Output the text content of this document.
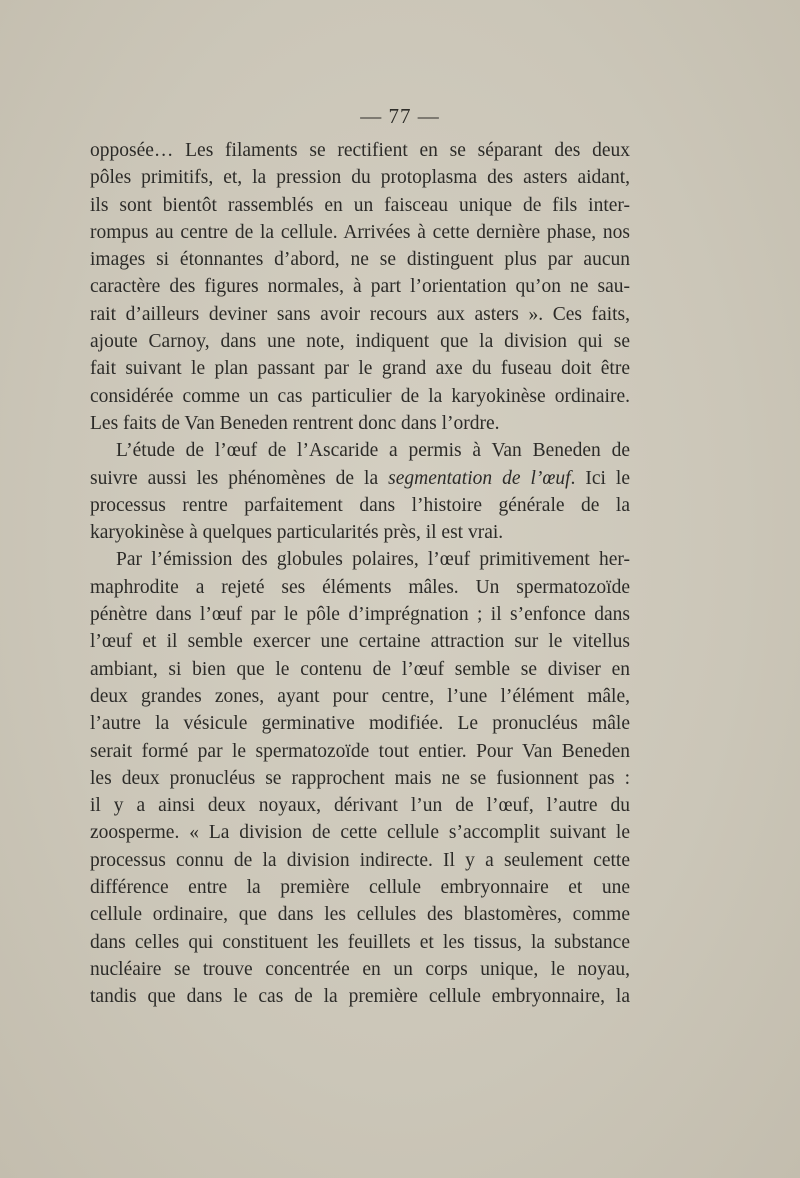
— 77 —
opposée… Les filaments se rectifient en se séparant des deux
pôles primitifs, et, la pression du protoplasma des asters aidant,
ils sont bientôt rassemblés en un faisceau unique de fils inter-
rompus au centre de la cellule. Arrivées à cette dernière phase, nos
images si étonnantes d’abord, ne se distinguent plus par aucun
caractère des figures normales, à part l’orientation qu’on ne sau-
rait d’ailleurs deviner sans avoir recours aux asters ». Ces faits,
ajoute Carnoy, dans une note, indiquent que la division qui se
fait suivant le plan passant par le grand axe du fuseau doit être
considérée comme un cas particulier de la karyokinèse ordinaire.
Les faits de Van Beneden rentrent donc dans l’ordre.
L’étude de l’œuf de l’Ascaride a permis à Van Beneden de
suivre aussi les phénomènes de la segmentation de l’œuf. Ici le
processus rentre parfaitement dans l’histoire générale de la
karyokinèse à quelques particularités près, il est vrai.
Par l’émission des globules polaires, l’œuf primitivement her-
maphrodite a rejeté ses éléments mâles. Un spermatozoïde
pénètre dans l’œuf par le pôle d’imprégnation ; il s’enfonce dans
l’œuf et il semble exercer une certaine attraction sur le vitellus
ambiant, si bien que le contenu de l’œuf semble se diviser en
deux grandes zones, ayant pour centre, l’une l’élément mâle,
l’autre la vésicule germinative modifiée. Le pronucléus mâle
serait formé par le spermatozoïde tout entier. Pour Van Beneden
les deux pronucléus se rapprochent mais ne se fusionnent pas :
il y a ainsi deux noyaux, dérivant l’un de l’œuf, l’autre du
zoosperme. « La division de cette cellule s’accomplit suivant le
processus connu de la division indirecte. Il y a seulement cette
différence entre la première cellule embryonnaire et une
cellule ordinaire, que dans les cellules des blastomères, comme
dans celles qui constituent les feuillets et les tissus, la substance
nucléaire se trouve concentrée en un corps unique, le noyau,
tandis que dans le cas de la première cellule embryonnaire, la
